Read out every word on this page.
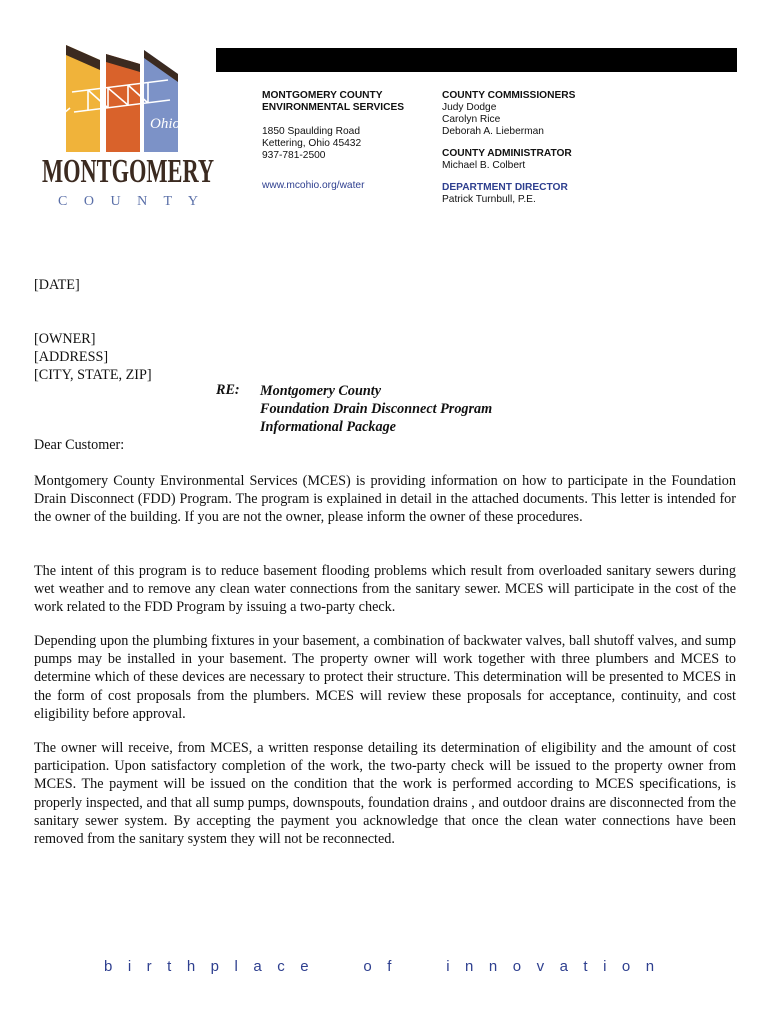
Ohio
MONTGOMERY
C O U N T Y
MONTGOMERY COUNTY
ENVIRONMENTAL SERVICES
1850 Spaulding Road
Kettering, Ohio 45432
937-781-2500
www.mcohio.org/water
COUNTY COMMISSIONERS
Judy Dodge
Carolyn Rice
Deborah A. Lieberman
COUNTY ADMINISTRATOR
Michael B. Colbert
DEPARTMENT DIRECTOR
Patrick Turnbull, P.E.
[DATE]
[OWNER]
[ADDRESS]
[CITY, STATE, ZIP]
RE: Montgomery County
Foundation Drain Disconnect Program
Informational Package
Dear Customer:
Montgomery County Environmental Services (MCES) is providing information on how to participate in the Foundation Drain Disconnect (FDD) Program. The program is explained in detail in the attached documents. This letter is intended for the owner of the building. If you are not the owner, please inform the owner of these procedures.
The intent of this program is to reduce basement flooding problems which result from overloaded sanitary sewers during wet weather and to remove any clean water connections from the sanitary sewer. MCES will participate in the cost of the work related to the FDD Program by issuing a two-party check.
Depending upon the plumbing fixtures in your basement, a combination of backwater valves, ball shutoff valves, and sump pumps may be installed in your basement. The property owner will work together with three plumbers and MCES to determine which of these devices are necessary to protect their structure. This determination will be presented to MCES in the form of cost proposals from the plumbers. MCES will review these proposals for acceptance, continuity, and cost eligibility before approval.
The owner will receive, from MCES, a written response detailing its determination of eligibility and the amount of cost participation. Upon satisfactory completion of the work, the two-party check will be issued to the property owner from MCES. The payment will be issued on the condition that the work is performed according to MCES specifications, is properly inspected, and that all sump pumps, downspouts, foundation drains , and outdoor drains are disconnected from the sanitary sewer system. By accepting the payment you acknowledge that once the clean water connections have been removed from the sanitary system they will not be reconnected.
birthplace  of  innovation
